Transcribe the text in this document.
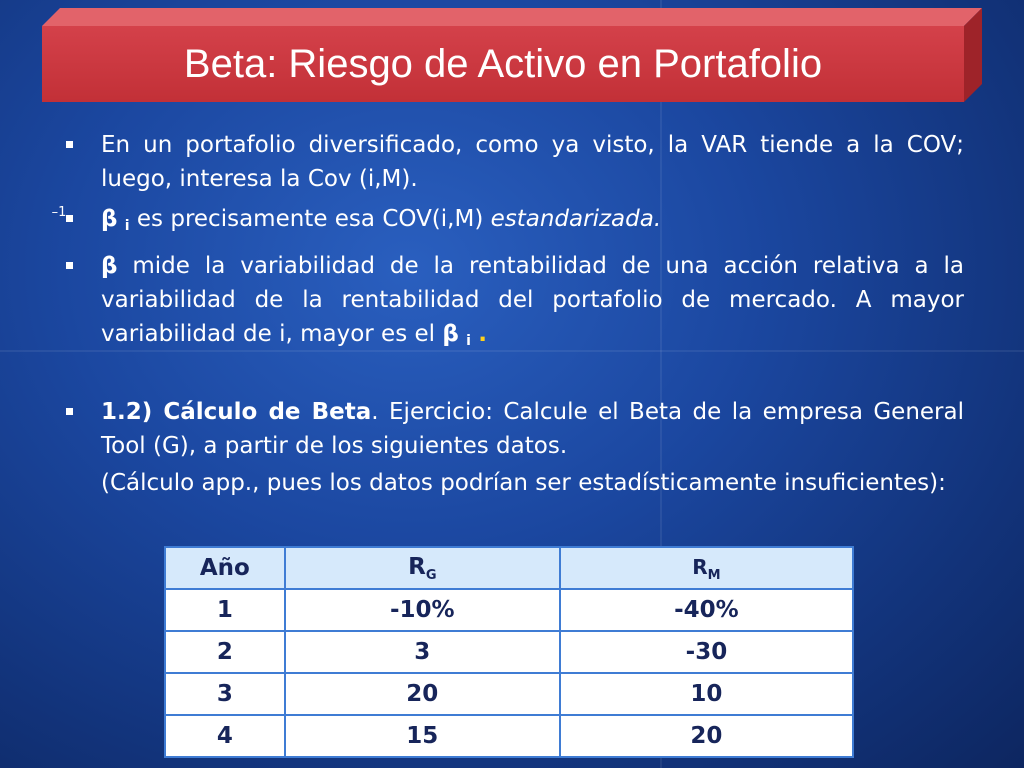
Beta: Riesgo de Activo en Portafolio

En un portafolio diversificado, como ya visto, la VAR tiende a la COV; luego, interesa la Cov (i,M).

β $_i$ es precisamente esa COV(i,M)
–1	estandarizada.

β mide la variabilidad de la rentabilidad de una acción relativa a la variabilidad de la rentabilidad del portafolio de mercado. A mayor variabilidad de i, mayor es el β $_i$ .

1.2) Cálculo de Beta. Ejercicio: Calcule el Beta de la empresa General Tool (G), a partir de los siguientes datos.

(Cálculo app., pues los datos podrían ser estadísticamente insuficientes):

Año	$R_G$	$R_M$
1	-10%	-40%
2	3	-30
3	20	10
4	15	20
